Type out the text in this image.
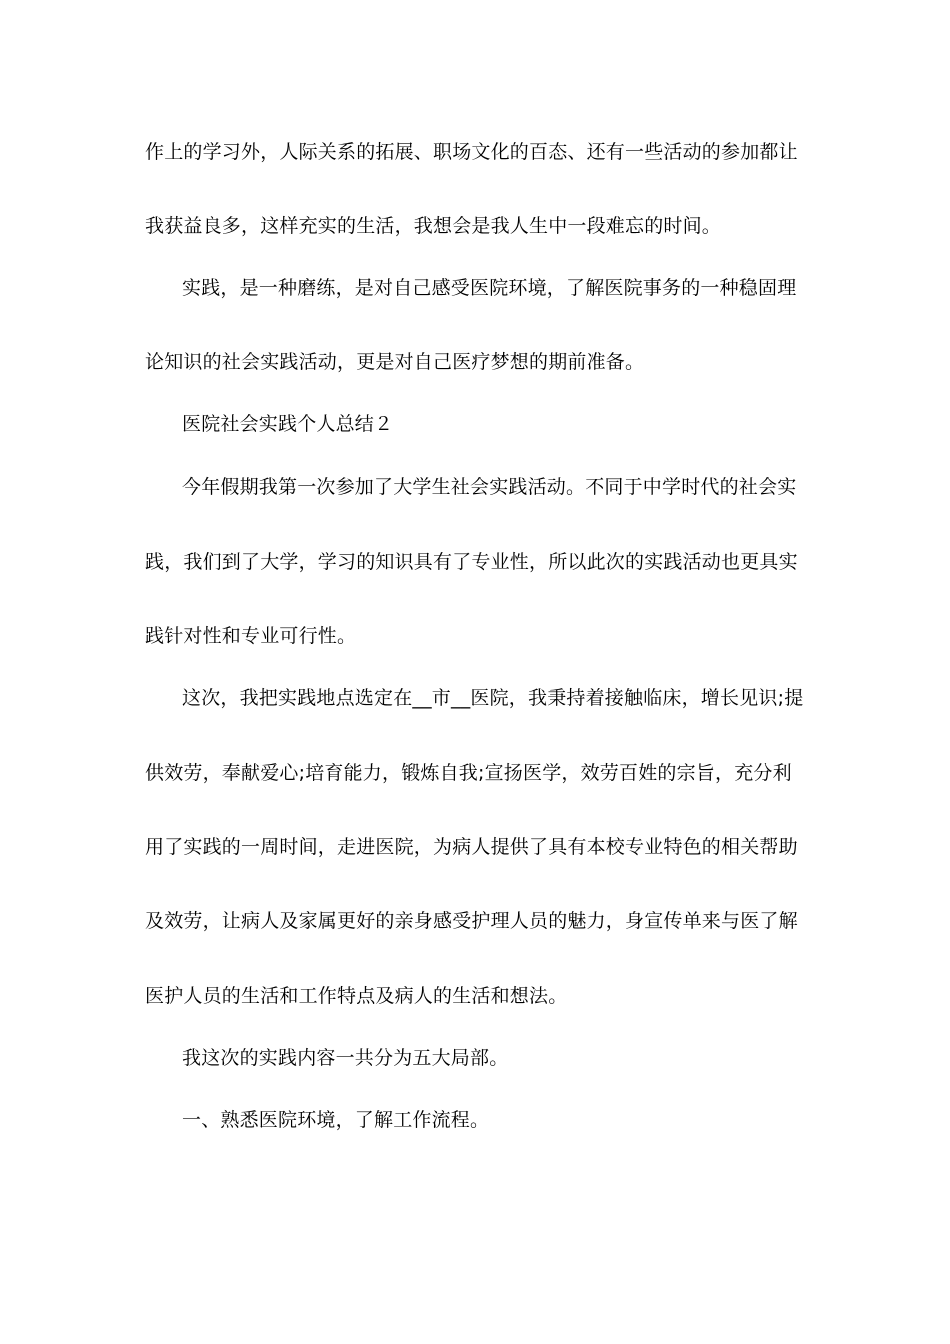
作上的学习外，人际关系的拓展、职场文化的百态、还有一些活动的参加都让
我获益良多，这样充实的生活，我想会是我人生中一段难忘的时间。
实践，是一种磨练，是对自己感受医院环境，了解医院事务的一种稳固理
论知识的社会实践活动，更是对自己医疗梦想的期前准备。
医院社会实践个人总结２
今年假期我第一次参加了大学生社会实践活动。不同于中学时代的社会实
践，我们到了大学，学习的知识具有了专业性，所以此次的实践活动也更具实
践针对性和专业可行性。
这次，我把实践地点选定在__市__医院，我秉持着接触临床，增长见识;提
供效劳，奉献爱心;培育能力，锻炼自我;宣扬医学，效劳百姓的宗旨，充分利
用了实践的一周时间，走进医院，为病人提供了具有本校专业特色的相关帮助
及效劳，让病人及家属更好的亲身感受护理人员的魅力，身宣传单来与医了解
医护人员的生活和工作特点及病人的生活和想法。
我这次的实践内容一共分为五大局部。
一、熟悉医院环境，了解工作流程。
